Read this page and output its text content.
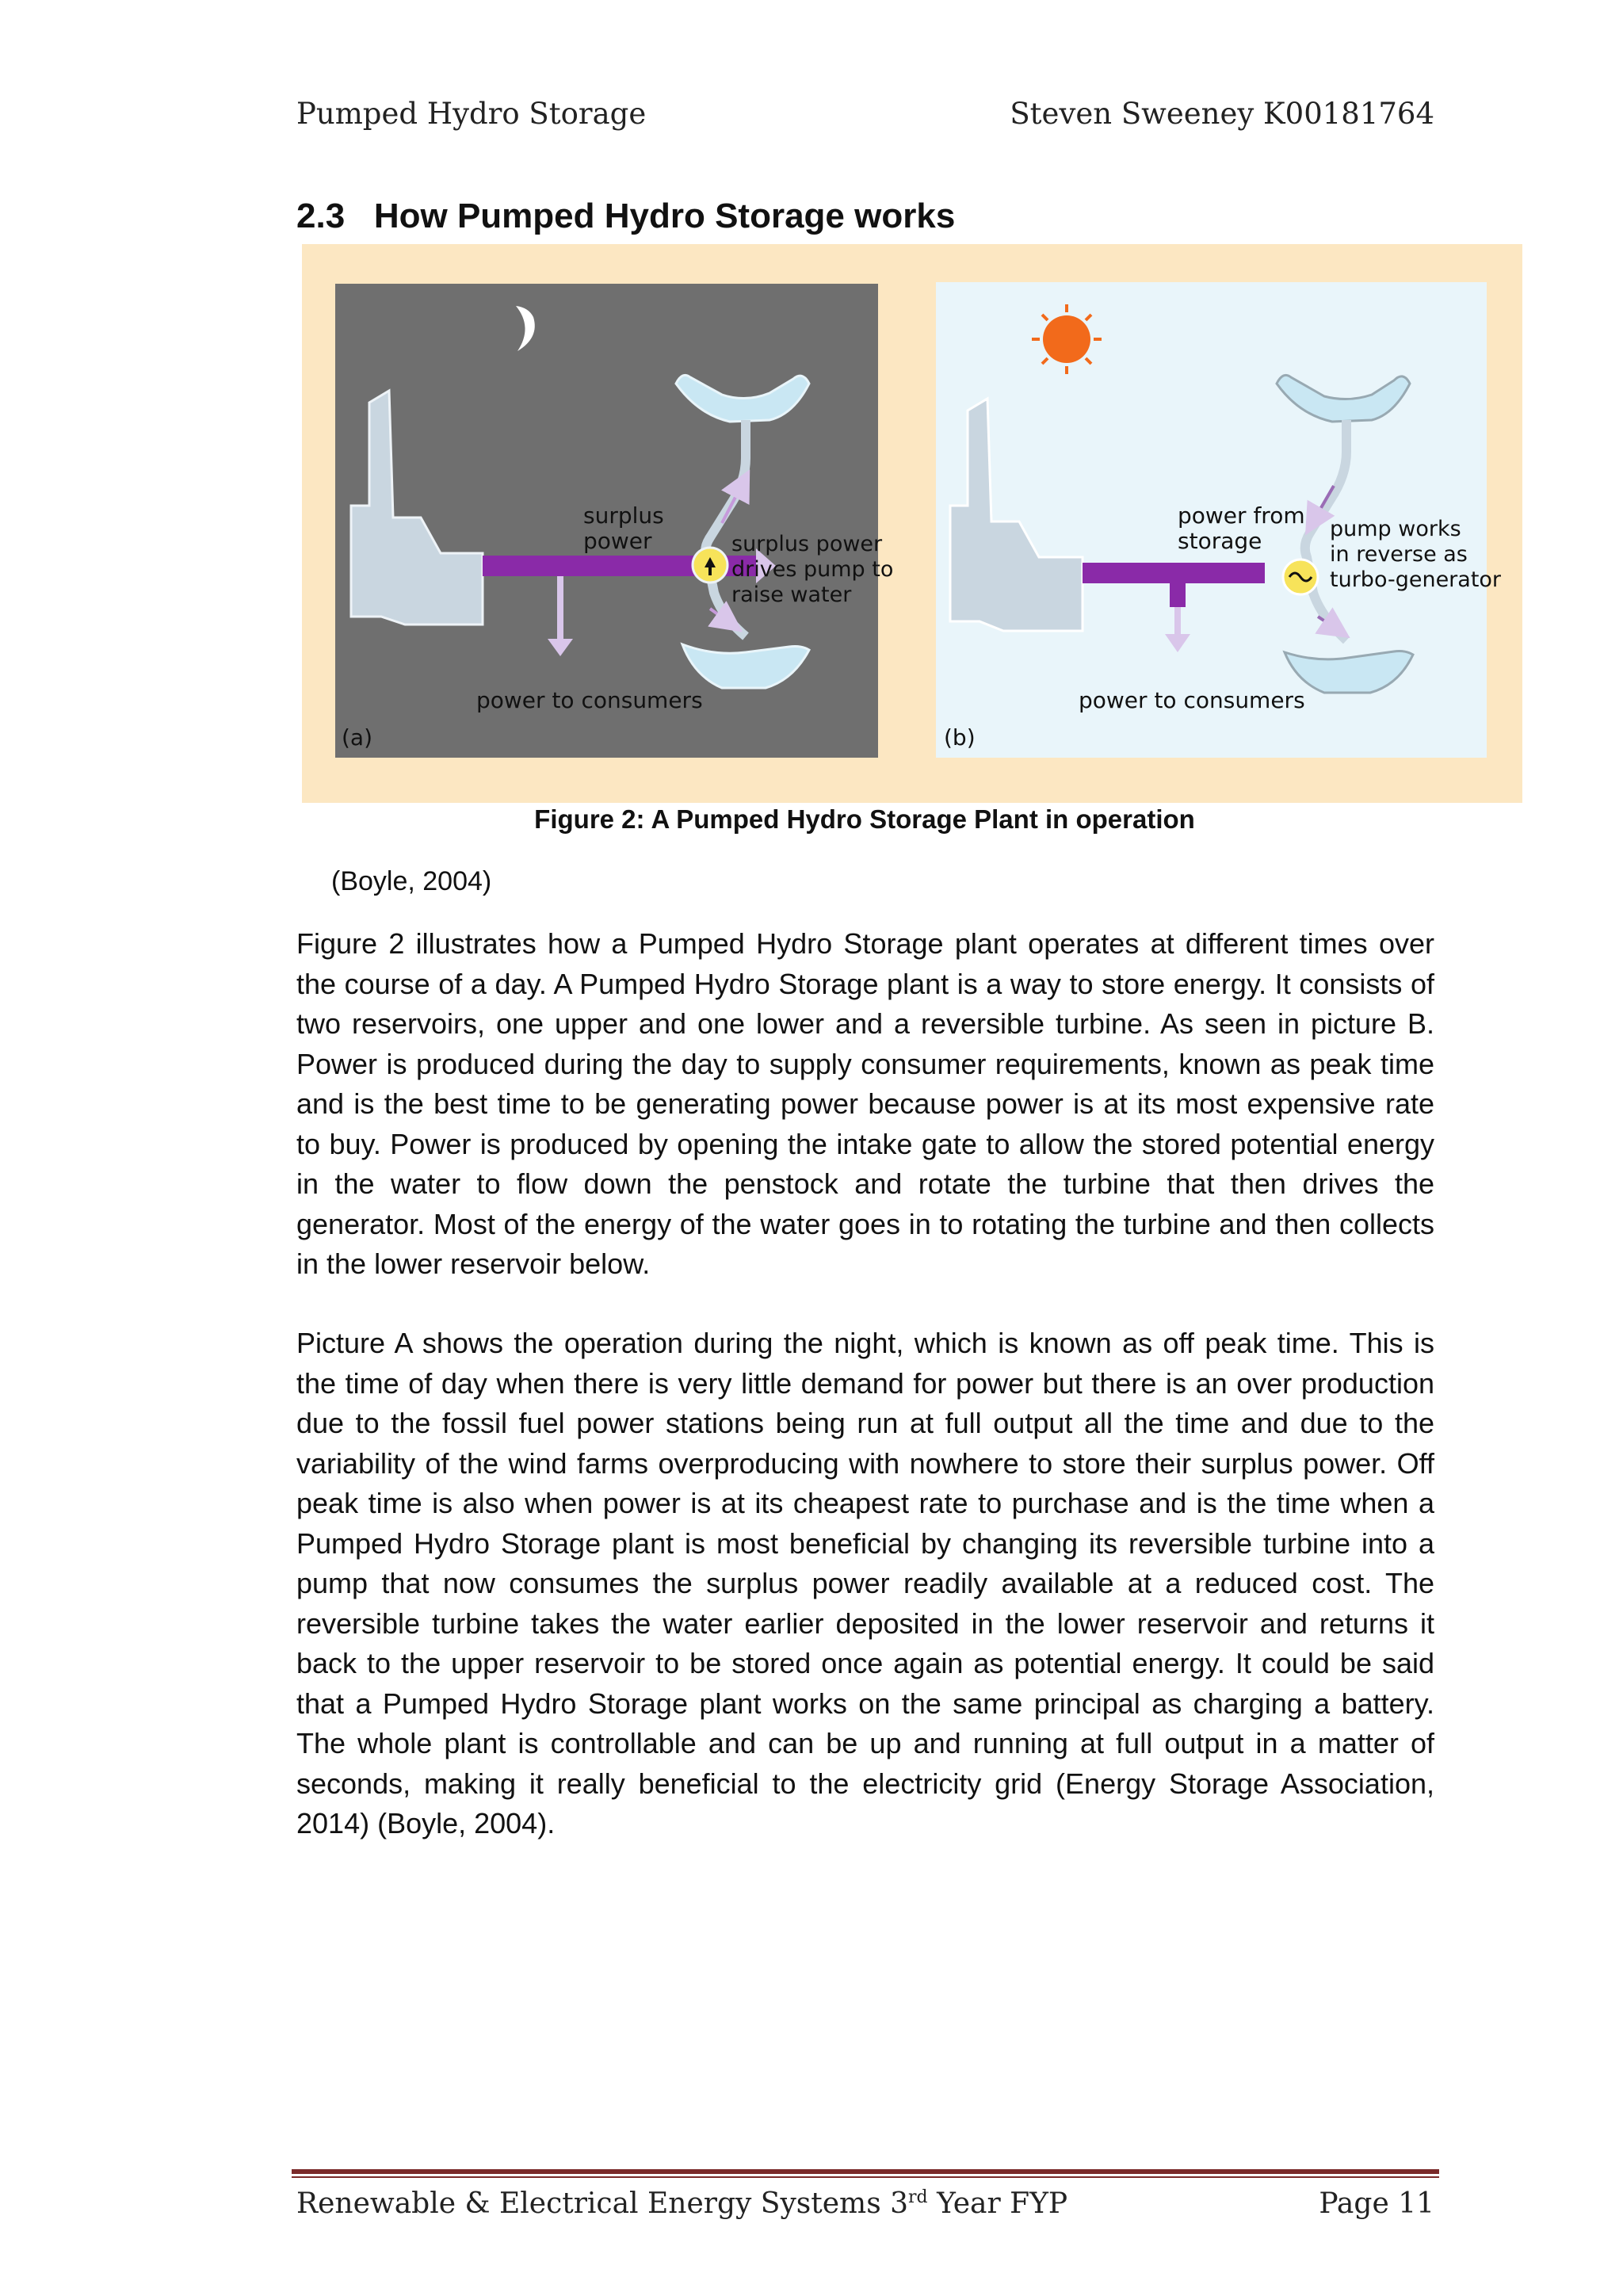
Pumped Hydro Storage	Steven Sweeney K00181764
2.3   How Pumped Hydro Storage works
surplus power	surplus power drives pump to raise water
power to consumers
(a)
power from storage	pump works in reverse as turbo-generator
power to consumers
(b)
Figure 2: A Pumped Hydro Storage Plant in operation
(Boyle, 2004)

Figure 2 illustrates how a Pumped Hydro Storage plant operates at different times over the course of a day. A Pumped Hydro Storage plant is a way to store energy. It consists of two reservoirs, one upper and one lower and a reversible turbine. As seen in picture B. Power is produced during the day to supply consumer requirements, known as peak time and is the best time to be generating power because power is at its most expensive rate to buy. Power is produced by opening the intake gate to allow the stored potential energy in the water to flow down the penstock and rotate the turbine that then drives the generator. Most of the energy of the water goes in to rotating the turbine and then collects in the lower reservoir below.

Picture A shows the operation during the night, which is known as off peak time. This is the time of day when there is very little demand for power but there is an over production due to the fossil fuel power stations being run at full output all the time and due to the variability of the wind farms overproducing with nowhere to store their surplus power. Off peak time is also when power is at its cheapest rate to purchase and is the time when a Pumped Hydro Storage plant is most beneficial by changing its reversible turbine into a pump that now consumes the surplus power readily available at a reduced cost. The reversible turbine takes the water earlier deposited in the lower reservoir and returns it back to the upper reservoir to be stored once again as potential energy. It could be said that a Pumped Hydro Storage plant works on the same principal as charging a battery. The whole plant is controllable and can be up and running at full output in a matter of seconds, making it really beneficial to the electricity grid (Energy Storage Association, 2014) (Boyle, 2004).

Renewable & Electrical Energy Systems 3rd Year FYP	Page 11
